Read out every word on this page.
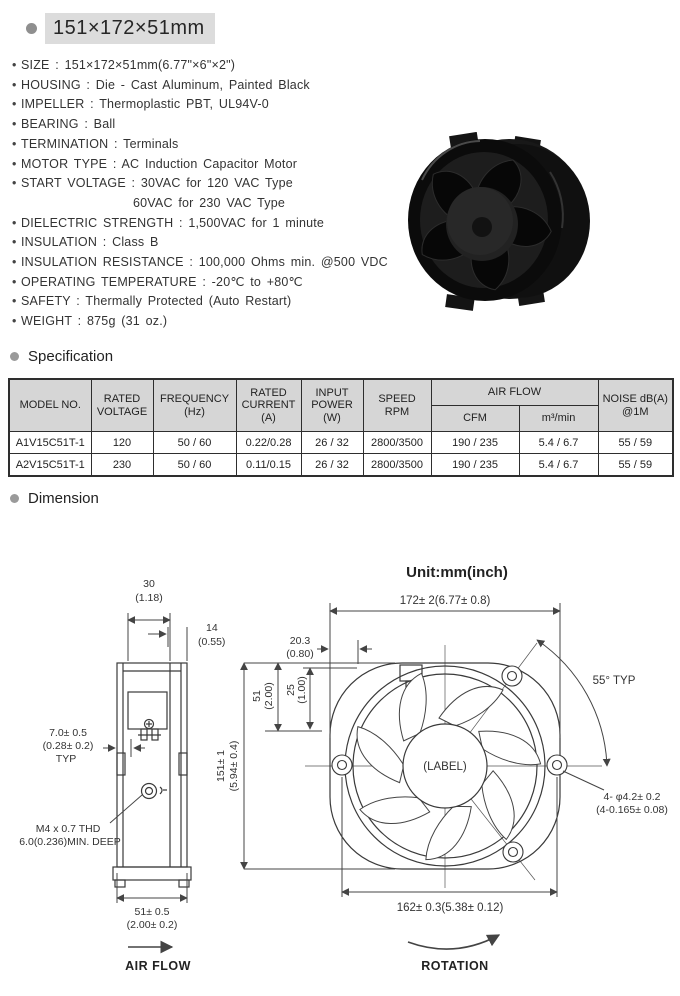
151×172×51mm
• SIZE : 151×172×51mm(6.77"×6"×2")
• HOUSING : Die - Cast Aluminum, Painted Black
• IMPELLER : Thermoplastic PBT, UL94V-0
• BEARING : Ball
• TERMINATION : Terminals
• MOTOR TYPE : AC Induction Capacitor Motor
• START VOLTAGE : 30VAC for 120 VAC Type
60VAC for 230 VAC Type
• DIELECTRIC STRENGTH : 1,500VAC for 1 minute
• INSULATION : Class B
• INSULATION RESISTANCE : 100,000 Ohms min. @500 VDC
• OPERATING TEMPERATURE : -20℃ to +80℃
• SAFETY : Thermally Protected (Auto Restart)
• WEIGHT : 875g (31 oz.)
Specification
MODEL NO.	RATED VOLTAGE	FREQUENCY (Hz)	RATED CURRENT (A)	INPUT POWER (W)	SPEED RPM	AIR FLOW		NOISE dB(A) @1M
						CFM	m³/min	
A1V15C51T-1	120	50 / 60	0.22/0.28	26 / 32	2800/3500	190 / 235	5.4 / 6.7	55 / 59
A2V15C51T-1	230	50 / 60	0.11/0.15	26 / 32	2800/3500	190 / 235	5.4 / 6.7	55 / 59
Dimension
Unit:mm(inch)
30
(1.18)
14
(0.55)
7.0± 0.5
(0.28± 0.2)
TYP
M4 x 0.7 THD
6.0(0.236)MIN. DEEP
51± 0.5
(2.00± 0.2)
AIR FLOW
(LABEL)
172± 2(6.77± 0.8)
151± 1 (5.94± 0.4)
51 (2.00) 25 (1.00)
20.3
(0.80)
55° TYP
4- φ4.2± 0.2
(4-0.165± 0.08)
162± 0.3(5.38± 0.12)
ROTATION
